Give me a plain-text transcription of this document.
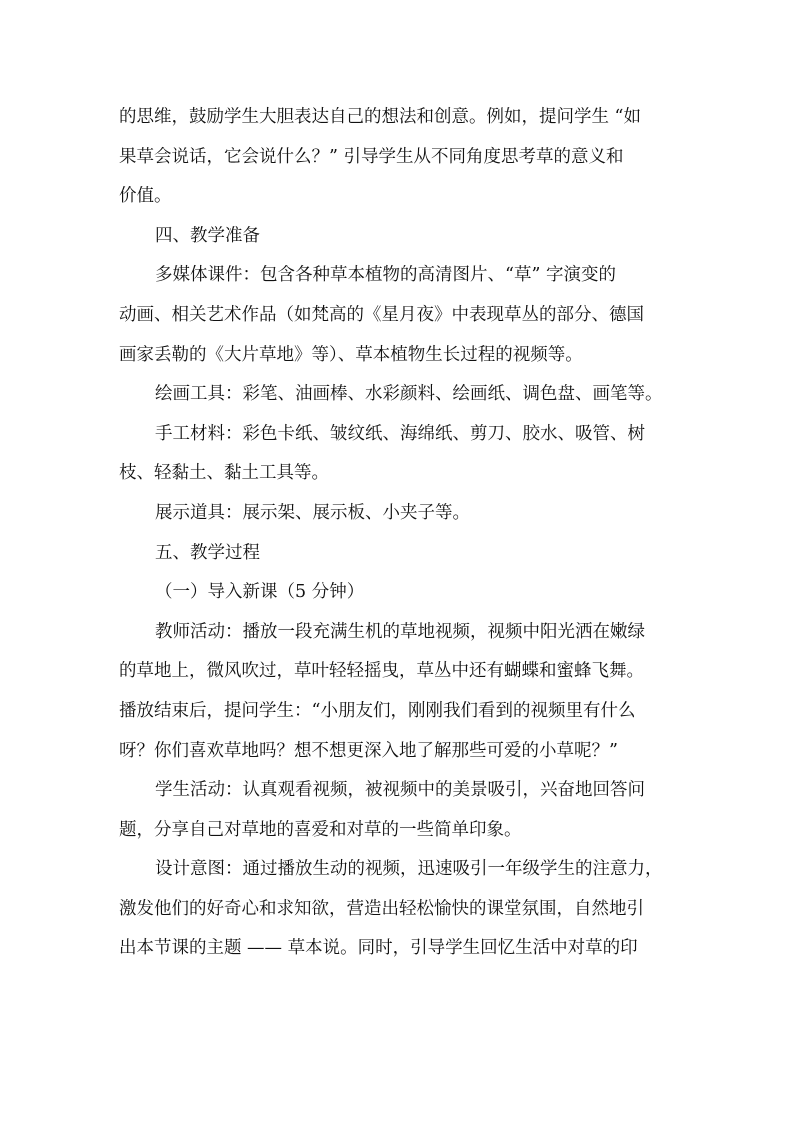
的思维，鼓励学生大胆表达自己的想法和创意。例如，提问学生 “如

果草会说话，它会说什么？” 引导学生从不同角度思考草的意义和

价值。

四、教学准备

多媒体课件：包含各种草本植物的高清图片、“草” 字演变的

动画、相关艺术作品（如梵高的《星月夜》中表现草丛的部分、德国

画家丢勒的《大片草地》等）、草本植物生长过程的视频等。

绘画工具：彩笔、油画棒、水彩颜料、绘画纸、调色盘、画笔等。

手工材料：彩色卡纸、皱纹纸、海绵纸、剪刀、胶水、吸管、树

枝、轻黏土、黏土工具等。

展示道具：展示架、展示板、小夹子等。

五、教学过程

（一）导入新课（5 分钟）

教师活动：播放一段充满生机的草地视频，视频中阳光洒在嫩绿

的草地上，微风吹过，草叶轻轻摇曳，草丛中还有蝴蝶和蜜蜂飞舞。

播放结束后，提问学生：“小朋友们，刚刚我们看到的视频里有什么

呀？你们喜欢草地吗？想不想更深入地了解那些可爱的小草呢？”

学生活动：认真观看视频，被视频中的美景吸引，兴奋地回答问

题，分享自己对草地的喜爱和对草的一些简单印象。

设计意图：通过播放生动的视频，迅速吸引一年级学生的注意力，

激发他们的好奇心和求知欲，营造出轻松愉快的课堂氛围，自然地引

出本节课的主题 —— 草本说。同时，引导学生回忆生活中对草的印
